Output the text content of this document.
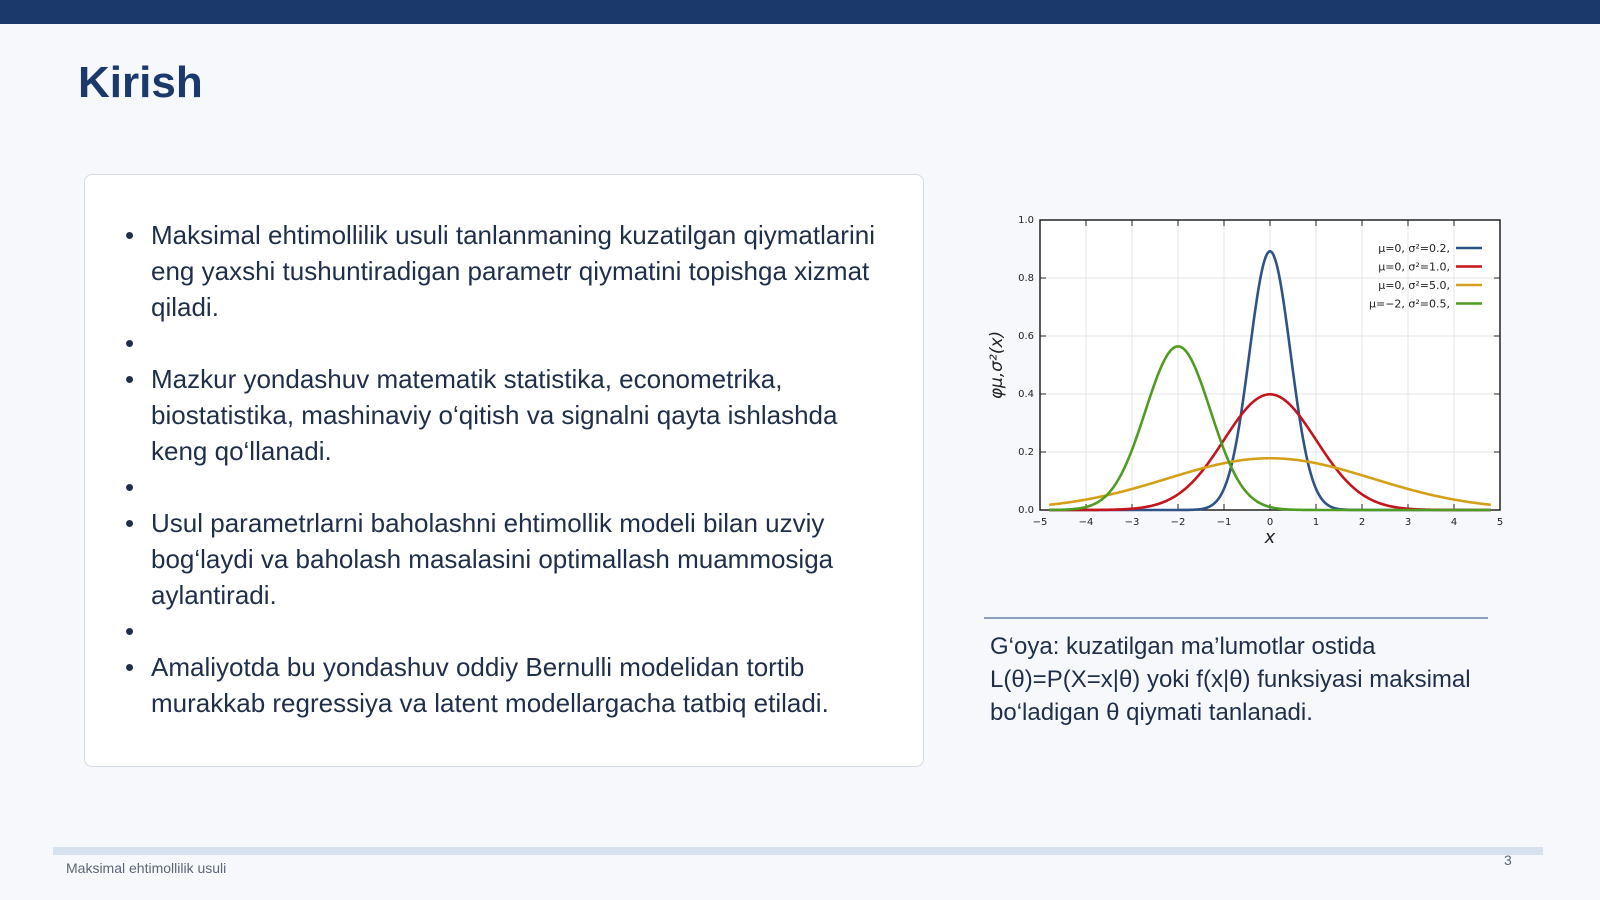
Kirish
• Maksimal ehtimollilik usuli tanlanmaning kuzatilgan qiymatlarini eng yaxshi tushuntiradigan parametr qiymatini topishga xizmat qiladi.
•
• Mazkur yondashuv matematik statistika, econometrika, biostatistika, mashinaviy o‘qitish va signalni qayta ishlashda keng qo‘llanadi.
•
• Usul parametrlarni baholashni ehtimollik modeli bilan uzviy bog‘laydi va baholash masalasini optimallash muammosiga aylantiradi.
•
• Amaliyotda bu yondashuv oddiy Bernulli modelidan tortib murakkab regressiya va latent modellargacha tatbiq etiladi.
−5	−4	−3	−2	−1	0	1	2	3	4	5
0.0
0.2
0.4
0.6
0.8
1.0
x
φμ,σ²(x)
μ=0, σ²=0.2,
μ=0, σ²=1.0,
μ=0, σ²=5.0,
μ=−2, σ²=0.5,

G‘oya: kuzatilgan ma’lumotlar ostida L(θ)=P(X=x|θ) yoki f(x|θ) funksiyasi maksimal bo‘ladigan θ qiymati tanlanadi.

Maksimal ehtimollilik usuli	3
